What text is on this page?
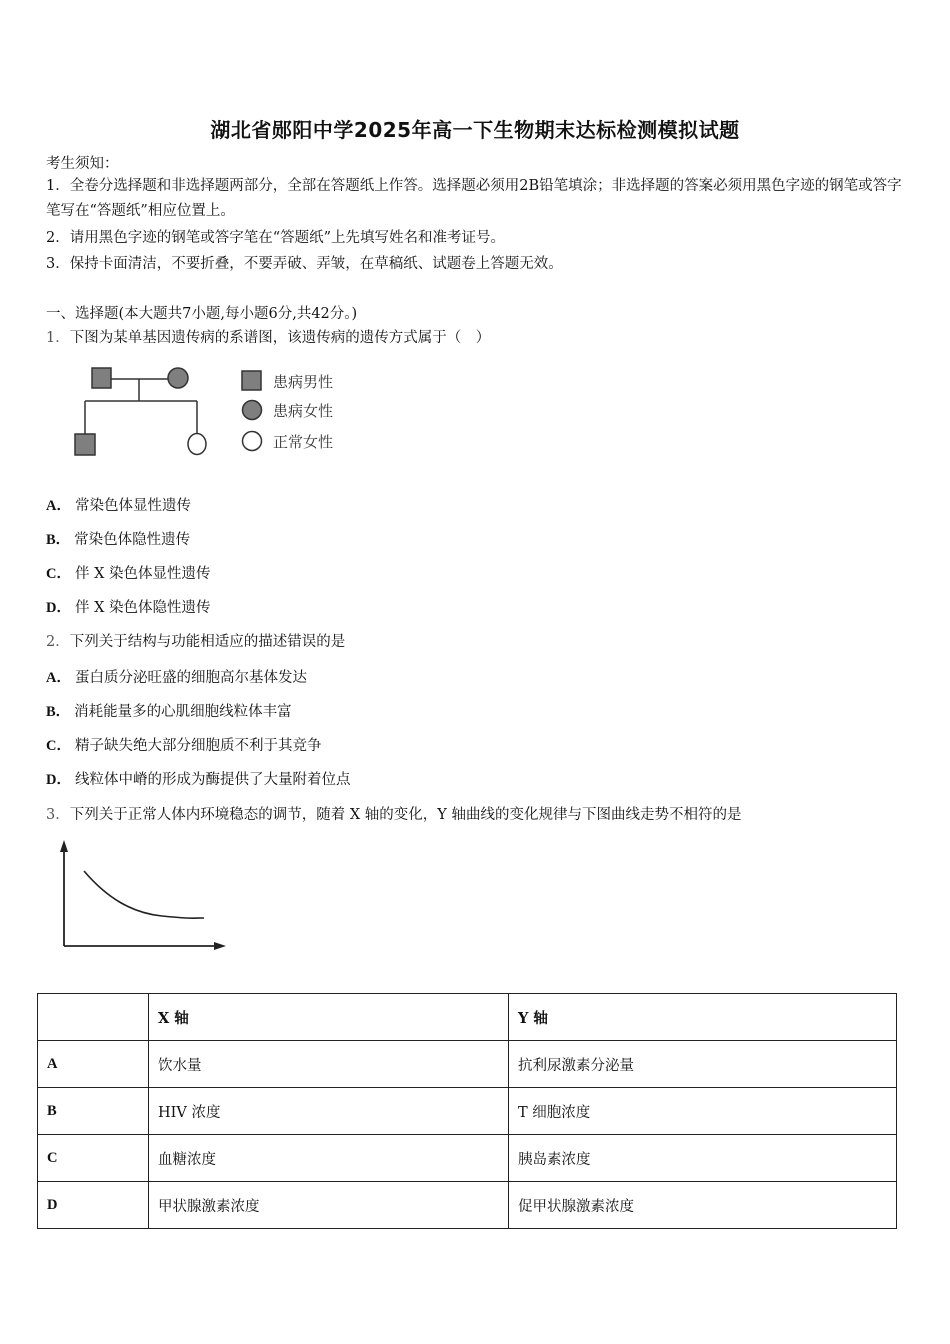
湖北省郧阳中学2025年高一下生物期末达标检测模拟试题
考生须知：
1．全卷分选择题和非选择题两部分，全部在答题纸上作答。选择题必须用2B铅笔填涂；非选择题的答案必须用黑色字迹的钢笔或答字笔写在“答题纸”相应位置上。
2．请用黑色字迹的钢笔或答字笔在“答题纸”上先填写姓名和准考证号。
3．保持卡面清洁，不要折叠，不要弄破、弄皱，在草稿纸、试题卷上答题无效。
一、选择题(本大题共7小题,每小题6分,共42分。)
1．下图为某单基因遗传病的系谱图，该遗传病的遗传方式属于（　）
患病男性
患病女性
正常女性
A． 常染色体显性遗传
B． 常染色体隐性遗传
C． 伴 X 染色体显性遗传
D． 伴 X 染色体隐性遗传
2．下列关于结构与功能相适应的描述错误的是
A． 蛋白质分泌旺盛的细胞高尔基体发达
B． 消耗能量多的心肌细胞线粒体丰富
C． 精子缺失绝大部分细胞质不利于其竞争
D． 线粒体中嵴的形成为酶提供了大量附着位点
3．下列关于正常人体内环境稳态的调节，随着 X 轴的变化，Y 轴曲线的变化规律与下图曲线走势不相符的是
	X 轴	Y 轴
A	饮水量	抗利尿激素分泌量
B	HIV 浓度	T 细胞浓度
C	血糖浓度	胰岛素浓度
D	甲状腺激素浓度	促甲状腺激素浓度
